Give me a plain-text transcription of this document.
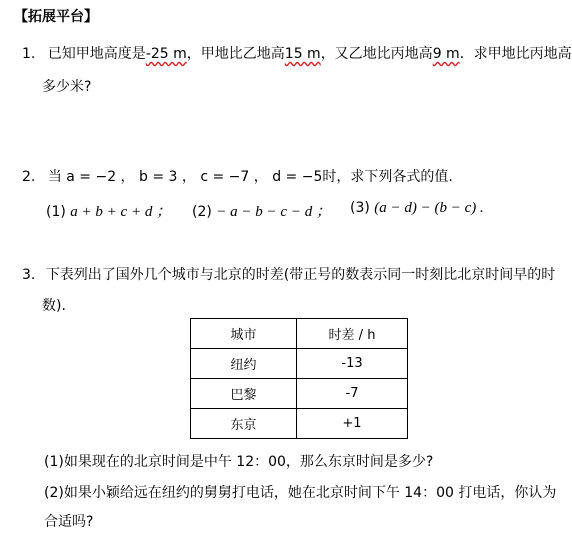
【拓展平台】
1. 已知甲地高度是-25 m，甲地比乙地高15 m，又乙地比丙地高9 m．求甲地比丙地高
多少米?
2. 当 a = −2 ， b = 3 ， c = −7 ， d = −5时，求下列各式的值.
(1) a + b + c + d ； (2) − a − b − c − d ； (3) (a − d) − (b − c) .
3. 下表列出了国外几个城市与北京的时差(带正号的数表示同一时刻比北京时间早的时
数).
城市	时差 / h
纽约	-13
巴黎	-7
东京	+1
(1)如果现在的北京时间是中午 12：00，那么东京时间是多少?
(2)如果小颖给远在纽约的舅舅打电话，她在北京时间下午 14：00 打电话，你认为
合适吗?
